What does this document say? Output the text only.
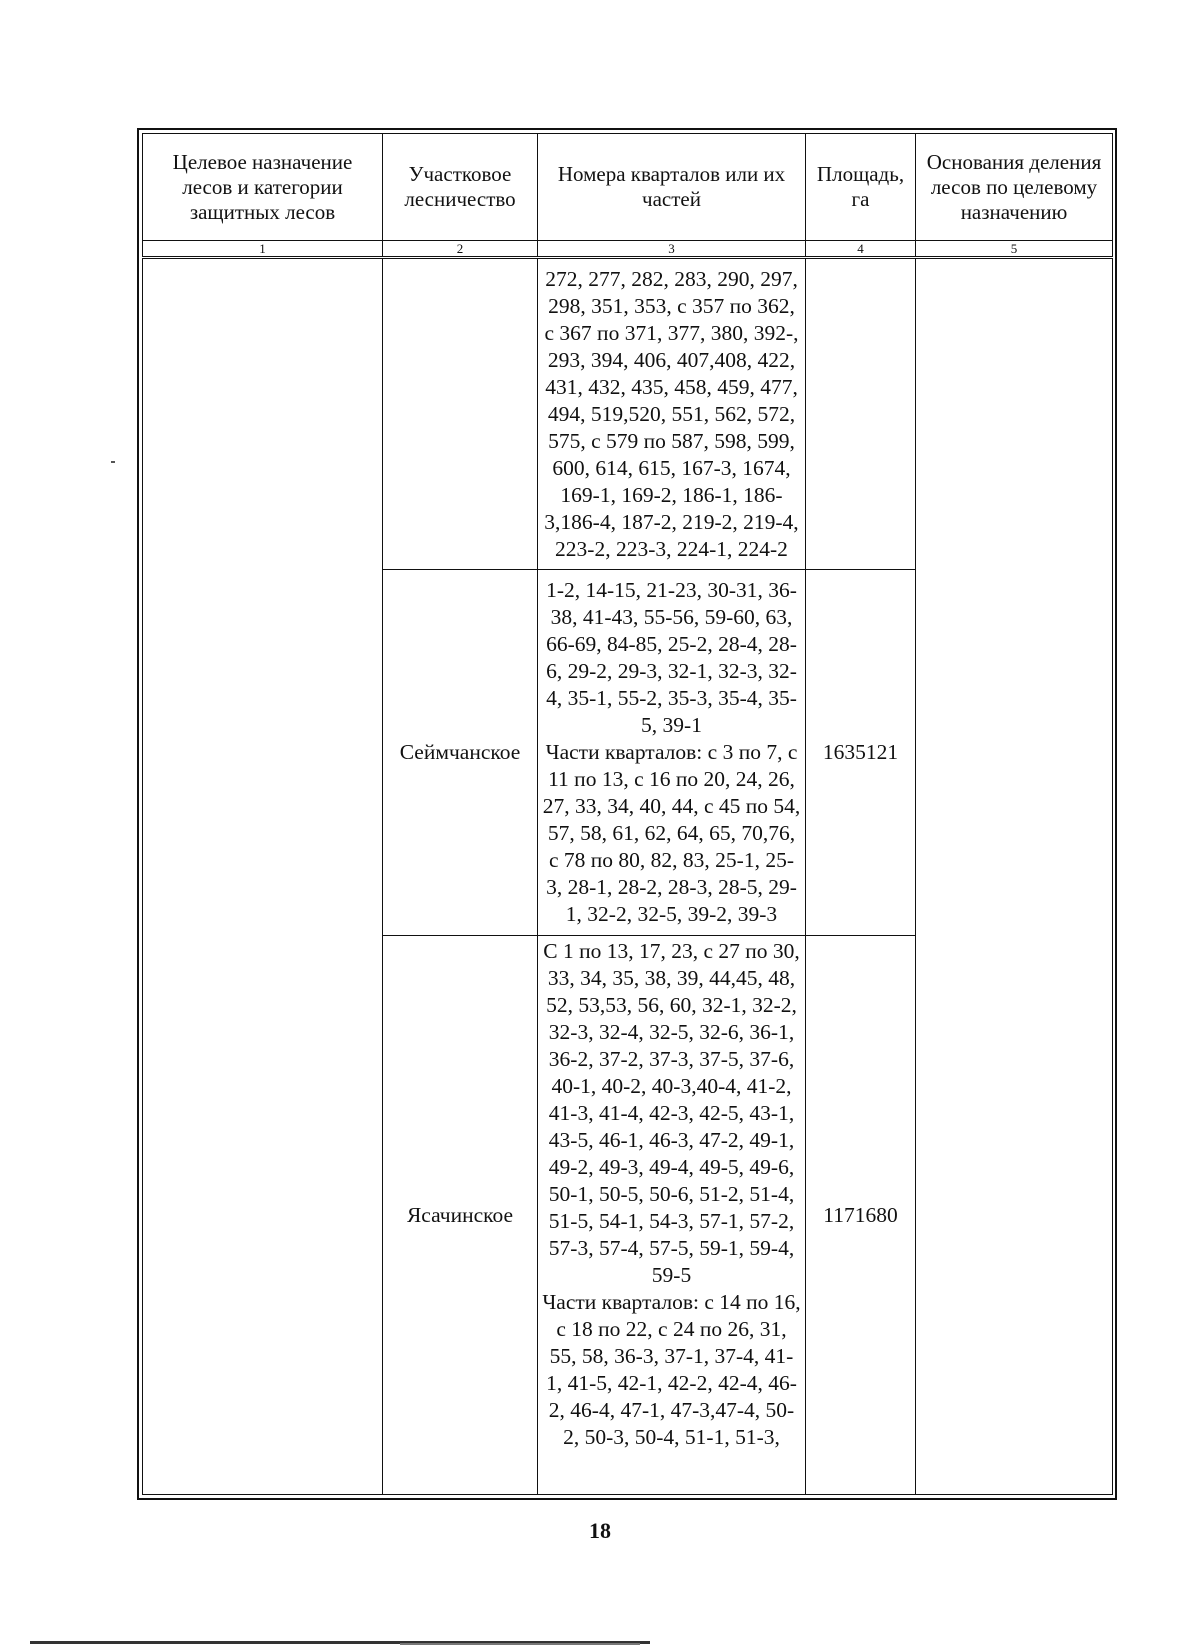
Целевое назначение лесов и категории защитных лесов	Участковое лесничество	Номера кварталов или их частей	Площадь, га	Основания деления лесов по целевому назначению
1	2	3	4	5
		272, 277, 282, 283, 290, 297, 298, 351, 353, с 357 по 362, с 367 по 371, 377, 380, 392-, 293, 394, 406, 407,408, 422, 431, 432, 435, 458, 459, 477, 494, 519,520, 551, 562, 572, 575, с 579 по 587, 598, 599, 600, 614, 615, 167-3, 1674, 169-1, 169-2, 186-1, 186-3,186-4, 187-2, 219-2, 219-4, 223-2, 223-3, 224-1, 224-2		
	Сеймчанское	1-2, 14-15, 21-23, 30-31, 36-38, 41-43, 55-56, 59-60, 63, 66-69, 84-85, 25-2, 28-4, 28-6, 29-2, 29-3, 32-1, 32-3, 32-4, 35-1, 55-2, 35-3, 35-4, 35-5, 39-1
Части кварталов: с 3 по 7, с 11 по 13, с 16 по 20, 24, 26, 27, 33, 34, 40, 44, с 45 по 54, 57, 58, 61, 62, 64, 65, 70,76, с 78 по 80, 82, 83, 25-1, 25-3, 28-1, 28-2, 28-3, 28-5, 29-1, 32-2, 32-5, 39-2, 39-3	1635121	
	Ясачинское	С 1 по 13, 17, 23, с 27 по 30, 33, 34, 35, 38, 39, 44,45, 48, 52, 53,53, 56, 60, 32-1, 32-2, 32-3, 32-4, 32-5, 32-6, 36-1, 36-2, 37-2, 37-3, 37-5, 37-6, 40-1, 40-2, 40-3,40-4, 41-2, 41-3, 41-4, 42-3, 42-5, 43-1, 43-5, 46-1, 46-3, 47-2, 49-1, 49-2, 49-3, 49-4, 49-5, 49-6, 50-1, 50-5, 50-6, 51-2, 51-4, 51-5, 54-1, 54-3, 57-1, 57-2, 57-3, 57-4, 57-5, 59-1, 59-4, 59-5
Части кварталов: с 14 по 16, с 18 по 22, с 24 по 26, 31, 55, 58, 36-3, 37-1, 37-4, 41-1, 41-5, 42-1, 42-2, 42-4, 46-2, 46-4, 47-1, 47-3,47-4, 50-2, 50-3, 50-4, 51-1, 51-3,	1171680	
18
